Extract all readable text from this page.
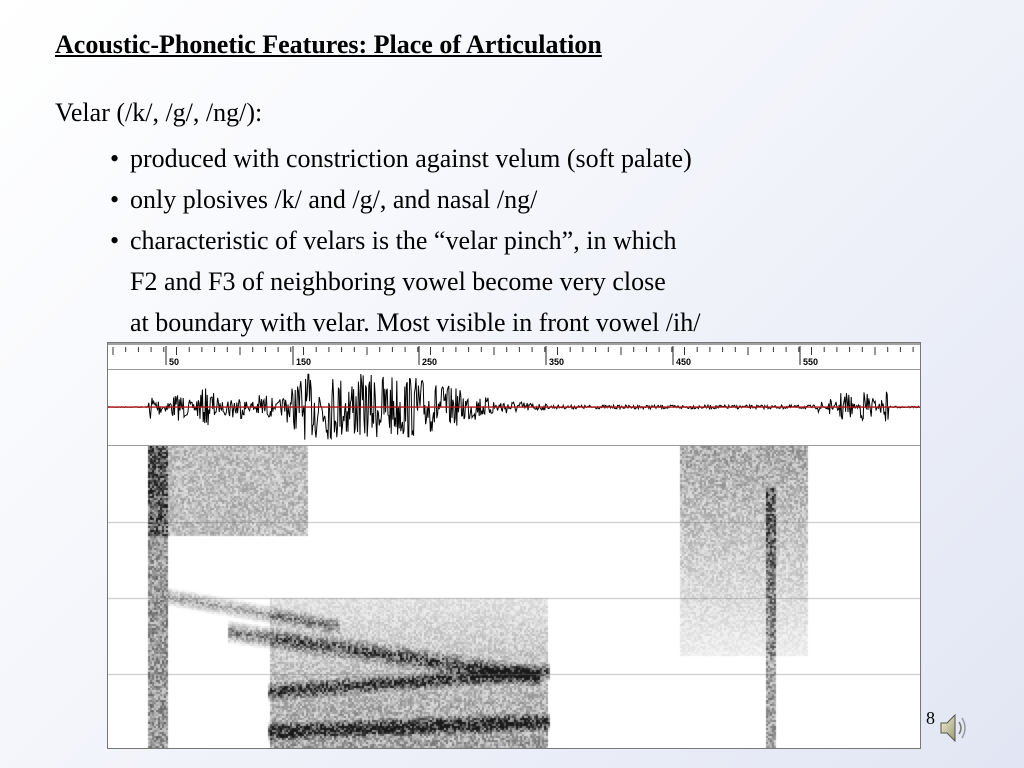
Acoustic-Phonetic Features: Place of Articulation
Velar (/k/, /g/, /ng/):
• produced with constriction against velum (soft palate)
• only plosives /k/ and /g/, and nasal /ng/
• characteristic of velars is the “velar pinch”, in which
F2 and F3 of neighboring vowel become very close
at boundary with velar. Most visible in front vowel /ih/
50	150	250	350	450	550
8
